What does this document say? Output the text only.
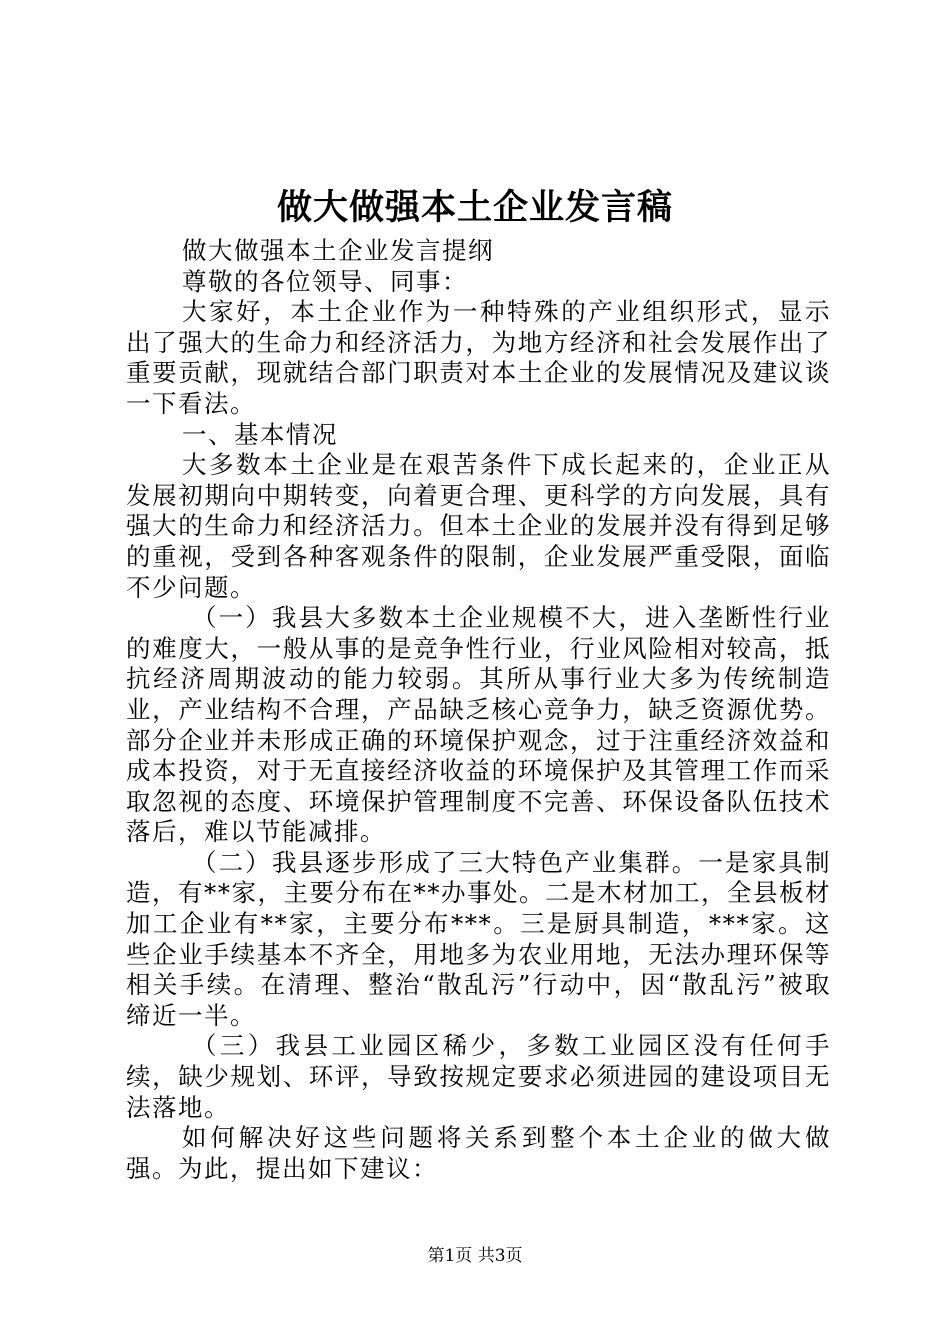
做大做强本土企业发言稿

做大做强本土企业发言提纲

尊敬的各位领导、同事：

大家好，本土企业作为一种特殊的产业组织形式，显示出了强大的生命力和经济活力，为地方经济和社会发展作出了重要贡献，现就结合部门职责对本土企业的发展情况及建议谈一下看法。

一、基本情况

大多数本土企业是在艰苦条件下成长起来的，企业正从发展初期向中期转变，向着更合理、更科学的方向发展，具有强大的生命力和经济活力。但本土企业的发展并没有得到足够的重视，受到各种客观条件的限制，企业发展严重受限，面临不少问题。

（一）我县大多数本土企业规模不大，进入垄断性行业的难度大，一般从事的是竞争性行业，行业风险相对较高，抵抗经济周期波动的能力较弱。其所从事行业大多为传统制造业，产业结构不合理，产品缺乏核心竞争力，缺乏资源优势。部分企业并未形成正确的环境保护观念，过于注重经济效益和成本投资，对于无直接经济收益的环境保护及其管理工作而采取忽视的态度、环境保护管理制度不完善、环保设备队伍技术落后，难以节能减排。

（二）我县逐步形成了三大特色产业集群。一是家具制造，有**家，主要分布在**办事处。二是木材加工，全县板材加工企业有**家，主要分布***。三是厨具制造，***家。这些企业手续基本不齐全，用地多为农业用地，无法办理环保等相关手续。在清理、整治“散乱污”行动中，因“散乱污”被取缔近一半。

（三）我县工业园区稀少，多数工业园区没有任何手续，缺少规划、环评，导致按规定要求必须进园的建设项目无法落地。

如何解决好这些问题将关系到整个本土企业的做大做强。为此，提出如下建议：

第1页 共3页
